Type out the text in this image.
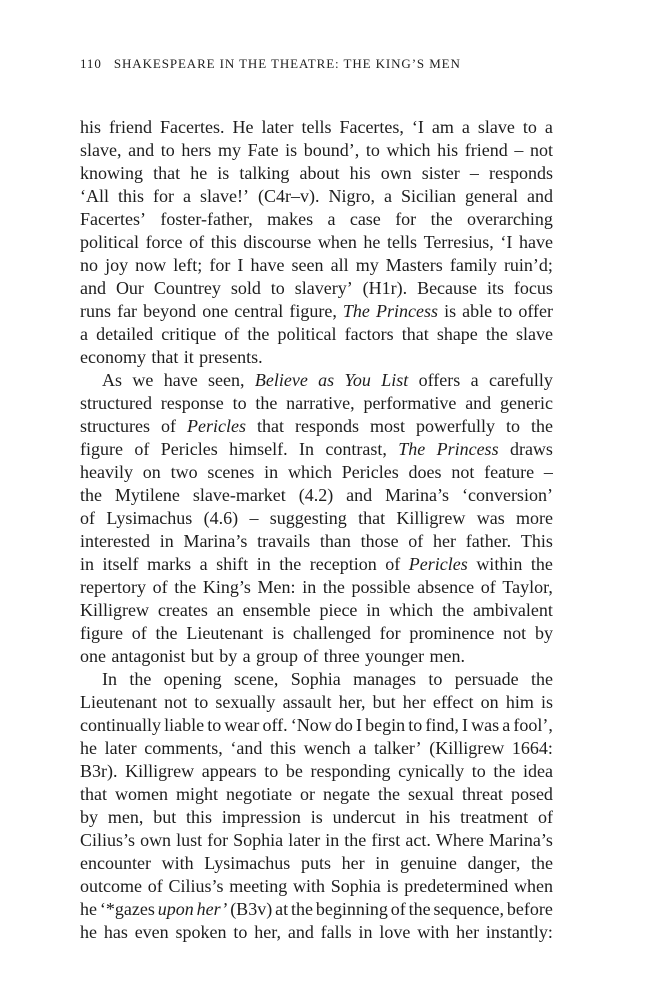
110 SHAKESPEARE IN THE THEATRE: THE KING’S MEN
his friend Facertes. He later tells Facertes, ‘I am a slave to a
slave, and to hers my Fate is bound’, to which his friend – not
knowing that he is talking about his own sister – responds
‘All this for a slave!’ (C4r–v). Nigro, a Sicilian general and
Facertes’ foster-father, makes a case for the overarching
political force of this discourse when he tells Terresius, ‘I have
no joy now left; for I have seen all my Masters family ruin’d;
and Our Countrey sold to slavery’ (H1r). Because its focus
runs far beyond one central figure, The Princess is able to offer
a detailed critique of the political factors that shape the slave
economy that it presents.
As we have seen, Believe as You List offers a carefully
structured response to the narrative, performative and generic
structures of Pericles that responds most powerfully to the
figure of Pericles himself. In contrast, The Princess draws
heavily on two scenes in which Pericles does not feature –
the Mytilene slave-market (4.2) and Marina’s ‘conversion’
of Lysimachus (4.6) – suggesting that Killigrew was more
interested in Marina’s travails than those of her father. This
in itself marks a shift in the reception of Pericles within the
repertory of the King’s Men: in the possible absence of Taylor,
Killigrew creates an ensemble piece in which the ambivalent
figure of the Lieutenant is challenged for prominence not by
one antagonist but by a group of three younger men.
In the opening scene, Sophia manages to persuade the
Lieutenant not to sexually assault her, but her effect on him is
continually liable to wear off. ‘Now do I begin to find, I was a fool’,
he later comments, ‘and this wench a talker’ (Killigrew 1664:
B3r). Killigrew appears to be responding cynically to the idea
that women might negotiate or negate the sexual threat posed
by men, but this impression is undercut in his treatment of
Cilius’s own lust for Sophia later in the first act. Where Marina’s
encounter with Lysimachus puts her in genuine danger, the
outcome of Cilius’s meeting with Sophia is predetermined when
he ‘*gazes upon her’ (B3v) at the beginning of the sequence, before
he has even spoken to her, and falls in love with her instantly:
